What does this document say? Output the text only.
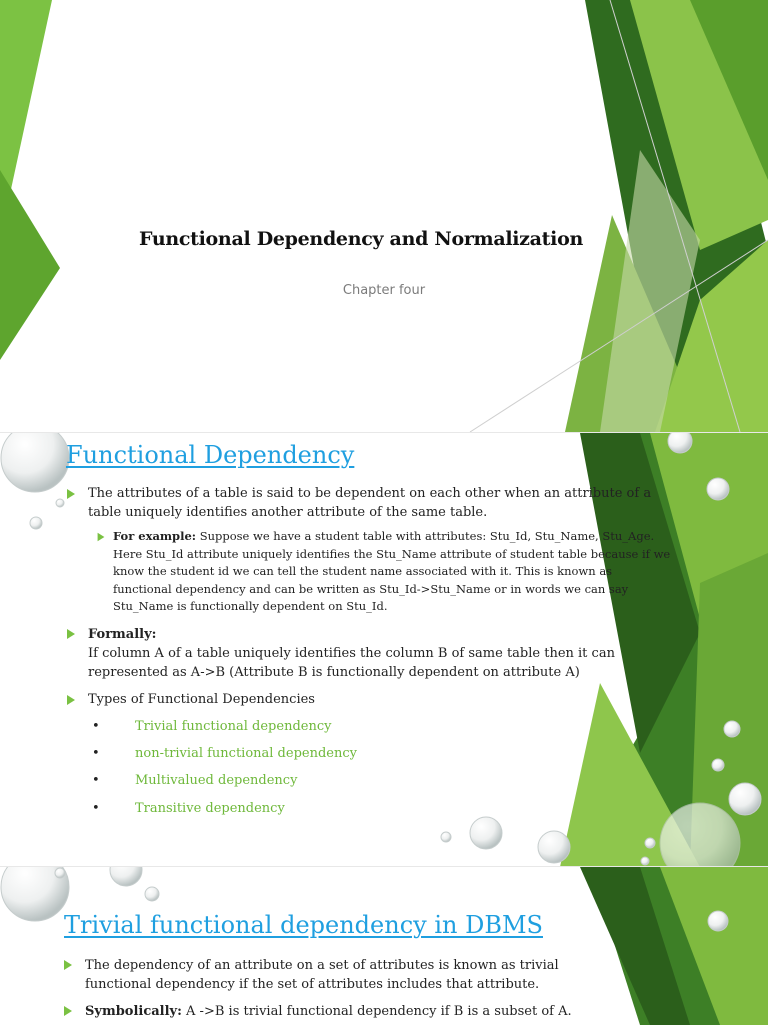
Functional Dependency and Normalization
Chapter four
Functional Dependency
The attributes of a table is said to be dependent on each other when an attribute of a table uniquely identifies another attribute of the same table.
For example: Suppose we have a student table with attributes: Stu_Id, Stu_Name, Stu_Age. Here Stu_Id attribute uniquely identifies the Stu_Name attribute of student table because if we know the student id we can tell the student name associated with it. This is known as functional dependency and can be written as Stu_Id->Stu_Name or in words we can say Stu_Name is functionally dependent on Stu_Id.
Formally:
If column A of a table uniquely identifies the column B of same table then it can represented as A->B (Attribute B is functionally dependent on attribute A)
Types of Functional Dependencies
•	Trivial functional dependency
•	non-trivial functional dependency
•	Multivalued dependency
•	Transitive dependency
Trivial functional dependency in DBMS
The dependency of an attribute on a set of attributes is known as trivial functional dependency if the set of attributes includes that attribute.
Symbolically: A ->B is trivial functional dependency if B is a subset of A.
